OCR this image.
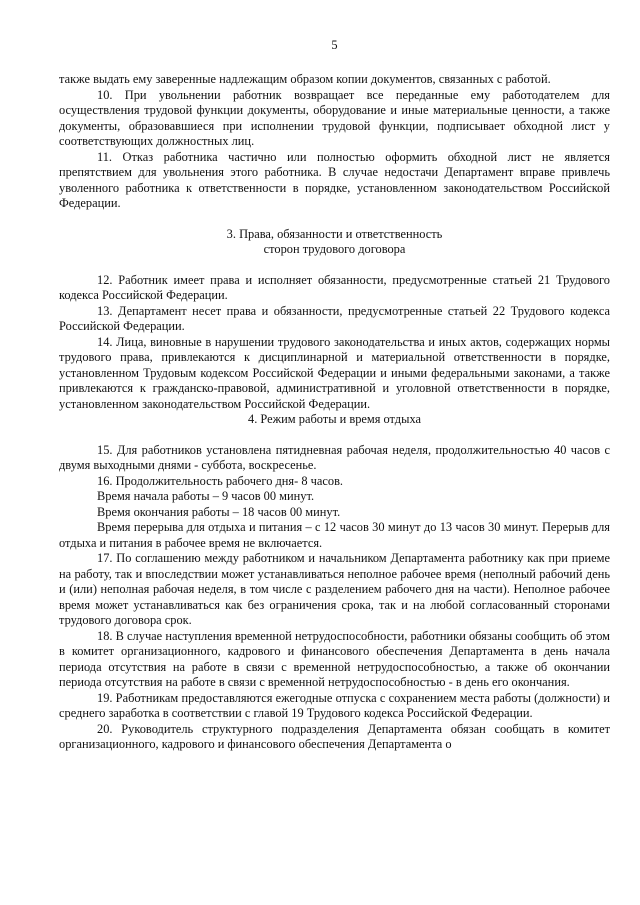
5

также выдать ему заверенные надлежащим образом копии документов, связанных с работой.

10. При увольнении работник возвращает все переданные ему работодателем для осуществления трудовой функции документы, оборудование и иные материальные ценности, а также документы, образовавшиеся при исполнении трудовой функции, подписывает обходной лист у соответствующих должностных лиц.

11. Отказ работника частично или полностью оформить обходной лист не является препятствием для увольнения этого работника. В случае недостачи Департамент вправе привлечь уволенного работника к ответственности в порядке, установленном законодательством Российской Федерации.

3. Права, обязанности и ответственность
сторон трудового договора

12. Работник имеет права и исполняет обязанности, предусмотренные статьей 21 Трудового кодекса Российской Федерации.

13. Департамент несет права и обязанности, предусмотренные статьей 22 Трудового кодекса Российской Федерации.

14. Лица, виновные в нарушении трудового законодательства и иных актов, содержащих нормы трудового права, привлекаются к дисциплинарной и материальной ответственности в порядке, установленном Трудовым кодексом Российской Федерации и иными федеральными законами, а также привлекаются к гражданско-правовой, административной и уголовной ответственности в порядке, установленном законодательством Российской Федерации.

4. Режим работы и время отдыха

15. Для работников установлена пятидневная рабочая неделя, продолжительностью 40 часов с двумя выходными днями - суббота, воскресенье.

16. Продолжительность рабочего дня- 8 часов.

Время начала работы – 9 часов 00 минут.

Время окончания работы – 18 часов 00 минут.

Время перерыва для отдыха и питания – с 12 часов 30 минут до 13 часов 30 минут. Перерыв для отдыха и питания в рабочее время не включается.

17. По соглашению между работником и начальником Департамента работнику как при приеме на работу, так и впоследствии может устанавливаться неполное рабочее время (неполный рабочий день и (или) неполная рабочая неделя, в том числе с разделением рабочего дня на части). Неполное рабочее время может устанавливаться как без ограничения срока, так и на любой согласованный сторонами трудового договора срок.

18. В случае наступления временной нетрудоспособности, работники обязаны сообщить об этом в комитет организационного, кадрового и финансового обеспечения Департамента в день начала периода отсутствия на работе в связи с временной нетрудоспособностью, а также об окончании периода отсутствия на работе в связи с временной нетрудоспособностью - в день его окончания.

19. Работникам предоставляются ежегодные отпуска с сохранением места работы (должности) и среднего заработка в соответствии с главой 19 Трудового кодекса Российской Федерации.

20. Руководитель структурного подразделения Департамента обязан сообщать в комитет организационного, кадрового и финансового обеспечения Департамента о
